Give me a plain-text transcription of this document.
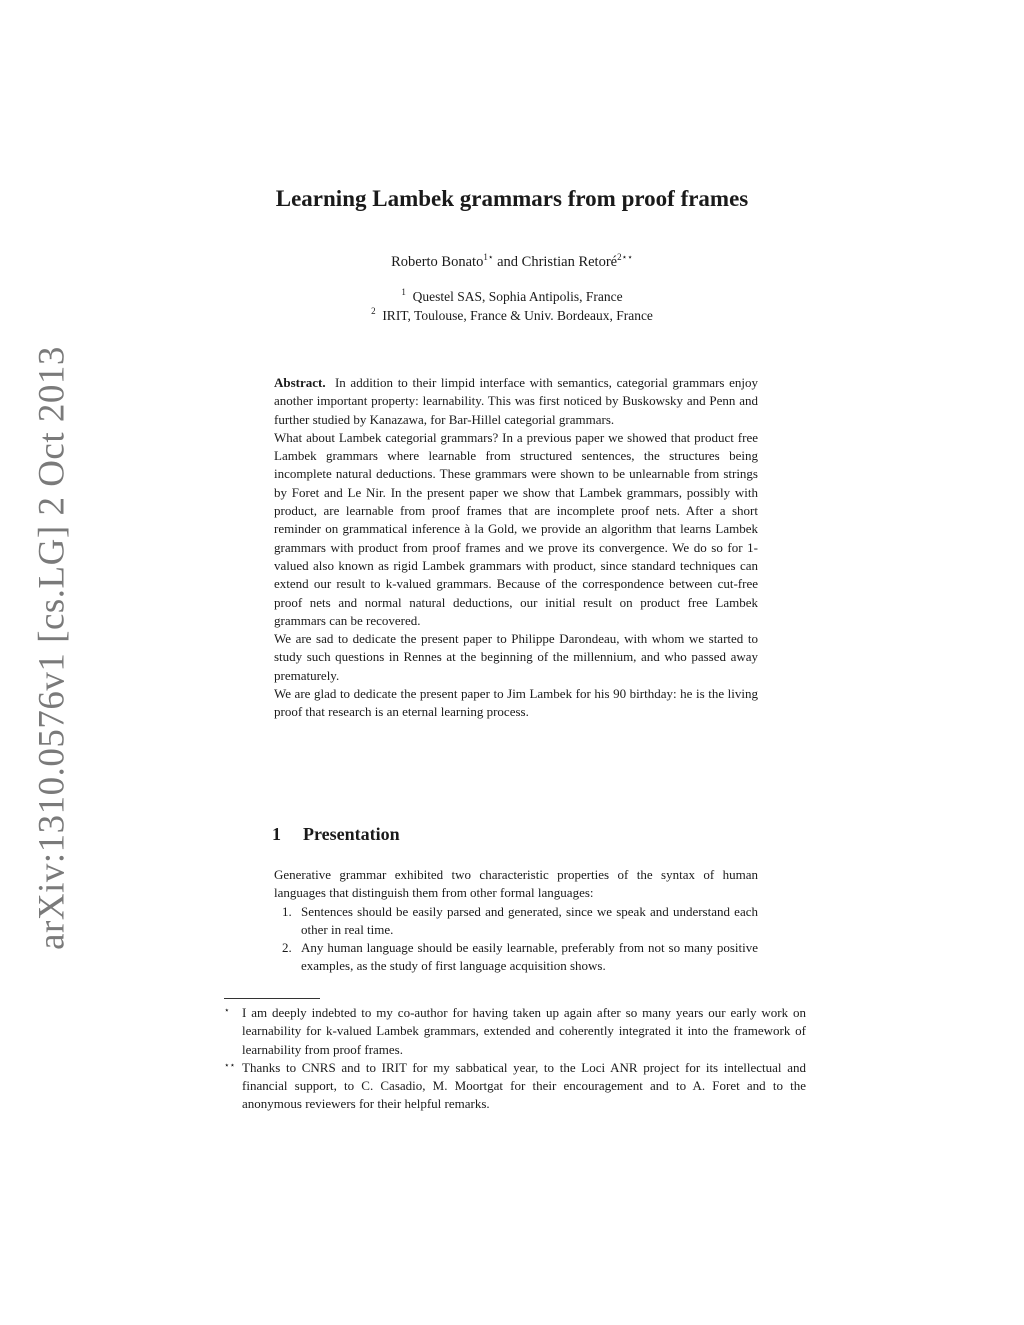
arXiv:1310.0576v1 [cs.LG] 2 Oct 2013
Learning Lambek grammars from proof frames
Roberto Bonato$^{1⋆}$ and Christian Retoré$^{2⋆⋆}$
$^1$ Questel SAS, Sophia Antipolis, France
$^2$ IRIT, Toulouse, France & Univ. Bordeaux, France

Abstract. In addition to their limpid interface with semantics, categorial grammars enjoy another important property: learnability. This was first noticed by Buskowsky and Penn and further studied by Kanazawa, for Bar-Hillel categorial grammars.

What about Lambek categorial grammars? In a previous paper we showed that product free Lambek grammars where learnable from structured sentences, the structures being incomplete natural deductions. These grammars were shown to be unlearnable from strings by Foret and Le Nir. In the present paper we show that Lambek grammars, possibly with product, are learnable from proof frames that are incomplete proof nets. After a short reminder on grammatical inference à la Gold, we provide an algorithm that learns Lambek grammars with product from proof frames and we prove its convergence. We do so for 1-valued also known as rigid Lambek grammars with product, since standard techniques can extend our result to k-valued grammars. Because of the correspondence between cut-free proof nets and normal natural deductions, our initial result on product free Lambek grammars can be recovered.

We are sad to dedicate the present paper to Philippe Darondeau, with whom we started to study such questions in Rennes at the beginning of the millennium, and who passed away prematurely.

We are glad to dedicate the present paper to Jim Lambek for his 90 birthday: he is the living proof that research is an eternal learning process.

1 Presentation

Generative grammar exhibited two characteristic properties of the syntax of human languages that distinguish them from other formal languages:

1. Sentences should be easily parsed and generated, since we speak and understand each other in real time.
2. Any human language should be easily learnable, preferably from not so many positive examples, as the study of first language acquisition shows.
⋆ I am deeply indebted to my co-author for having taken up again after so many years our early work on learnability for k-valued Lambek grammars, extended and coherently integrated it into the framework of learnability from proof frames.
⋆⋆ Thanks to CNRS and to IRIT for my sabbatical year, to the Loci ANR project for its intellectual and financial support, to C. Casadio, M. Moortgat for their encouragement and to A. Foret and to the anonymous reviewers for their helpful remarks.
